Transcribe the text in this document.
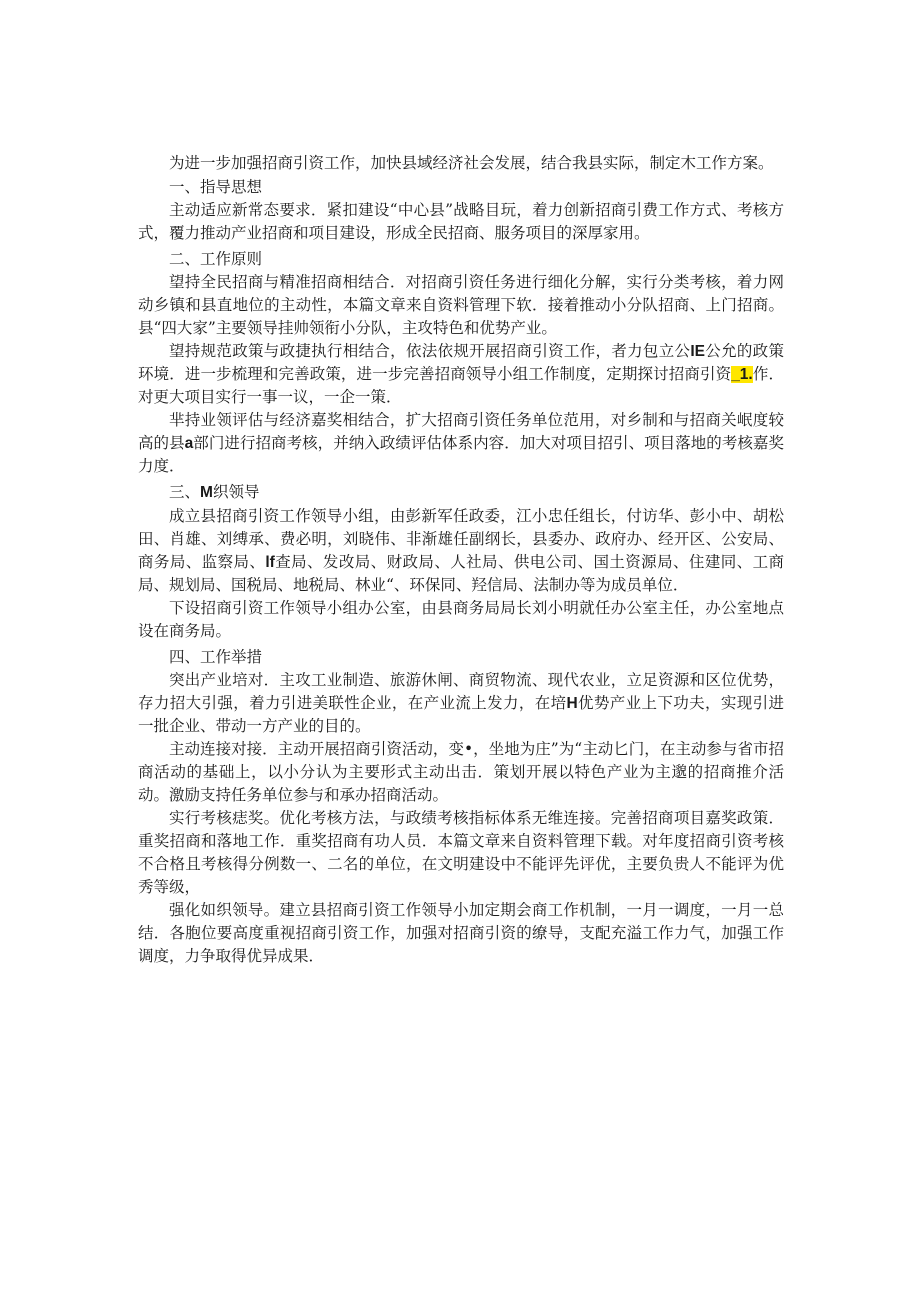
为进一步加强招商引资工作，加快县域经济社会发展，结合我县实际，制定木工作方案。

一、指导思想

主动适应新常态要求．紧扣建设“中心县”战略目玩，着力创新招商引费工作方式、考核方式，覆力推动产业招商和项目建设，形成全民招商、服务项目的深厚家用。

二、工作原则

望持全民招商与精准招商相结合．对招商引资任务进行细化分解，实行分类考核，着力网动乡镇和县直地位的主动性，本篇文章来自资料管理下软．接着推动小分队招商、上门招商。县“四大家”主要领导挂帅领衔小分队，主攻特色和优势产业。

望持规范政策与政捷执行相结合，依法依规开展招商引资工作，者力包立公IE公允的政策环境．进一步梳理和完善政策，进一步完善招商领导小组工作制度，定期探讨招商引资_1.作．对更大项目实行一事一议，一企一策．

芈持业领评估与经济嘉奖相结合，扩大招商引资任务单位范用，对乡制和与招商关岷度较高的县a部门进行招商考核，并纳入政绩评估体系内容．加大对项目招引、项目落地的考核嘉奖力度．

三、M织领导

成立县招商引资工作领导小组，由彭新军任政委，江小忠任组长，付访华、彭小中、胡松田、肖雄、刘缚承、费必明，刘晓伟、非渐雄任副纲长，县委办、政府办、经开区、公安局、商务局、监察局、lf查局、发改局、财政局、人社局、供电公司、国土资源局、住建同、工商局、规划局、国税局、地税局、林业“、环保同、羟信局、法制办等为成员单位．

下设招商引资工作领导小组办公室，由县商务局局长刘小明就任办公室主任，办公室地点设在商务局。

四、工作举措

突出产业培对．主攻工业制造、旅游休闸、商贸物流、现代农业，立足资源和区位优势，存力招大引强，着力引进美联性企业，在产业流上发力，在培H优势产业上下功夫，实现引进一批企业、带动一方产业的目的。

主动连接对接．主动开展招商引资活动，变•，坐地为庄”为“主动匕门，在主动参与省市招商活动的基础上，以小分认为主要形式主动出击．策划开展以特色产业为主邈的招商推介活动。激励支持任务单位参与和承办招商活动。

实行考核痣奖。优化考核方法，与政绩考核指标体系无维连接。完善招商项目嘉奖政策．重奖招商和落地工作．重奖招商有功人员．本篇文章来自资料管理下载。对年度招商引资考核不合格且考核得分例数一、二名的单位，在文明建设中不能评先评优，主要负贵人不能评为优秀等级，

强化如织领导。建立县招商引资工作领导小加定期会商工作机制，一月一调度，一月一总结．各胞位要高度重视招商引资工作，加强对招商引资的缭导，支配充溢工作力气，加强工作调度，力争取得优异成果．
